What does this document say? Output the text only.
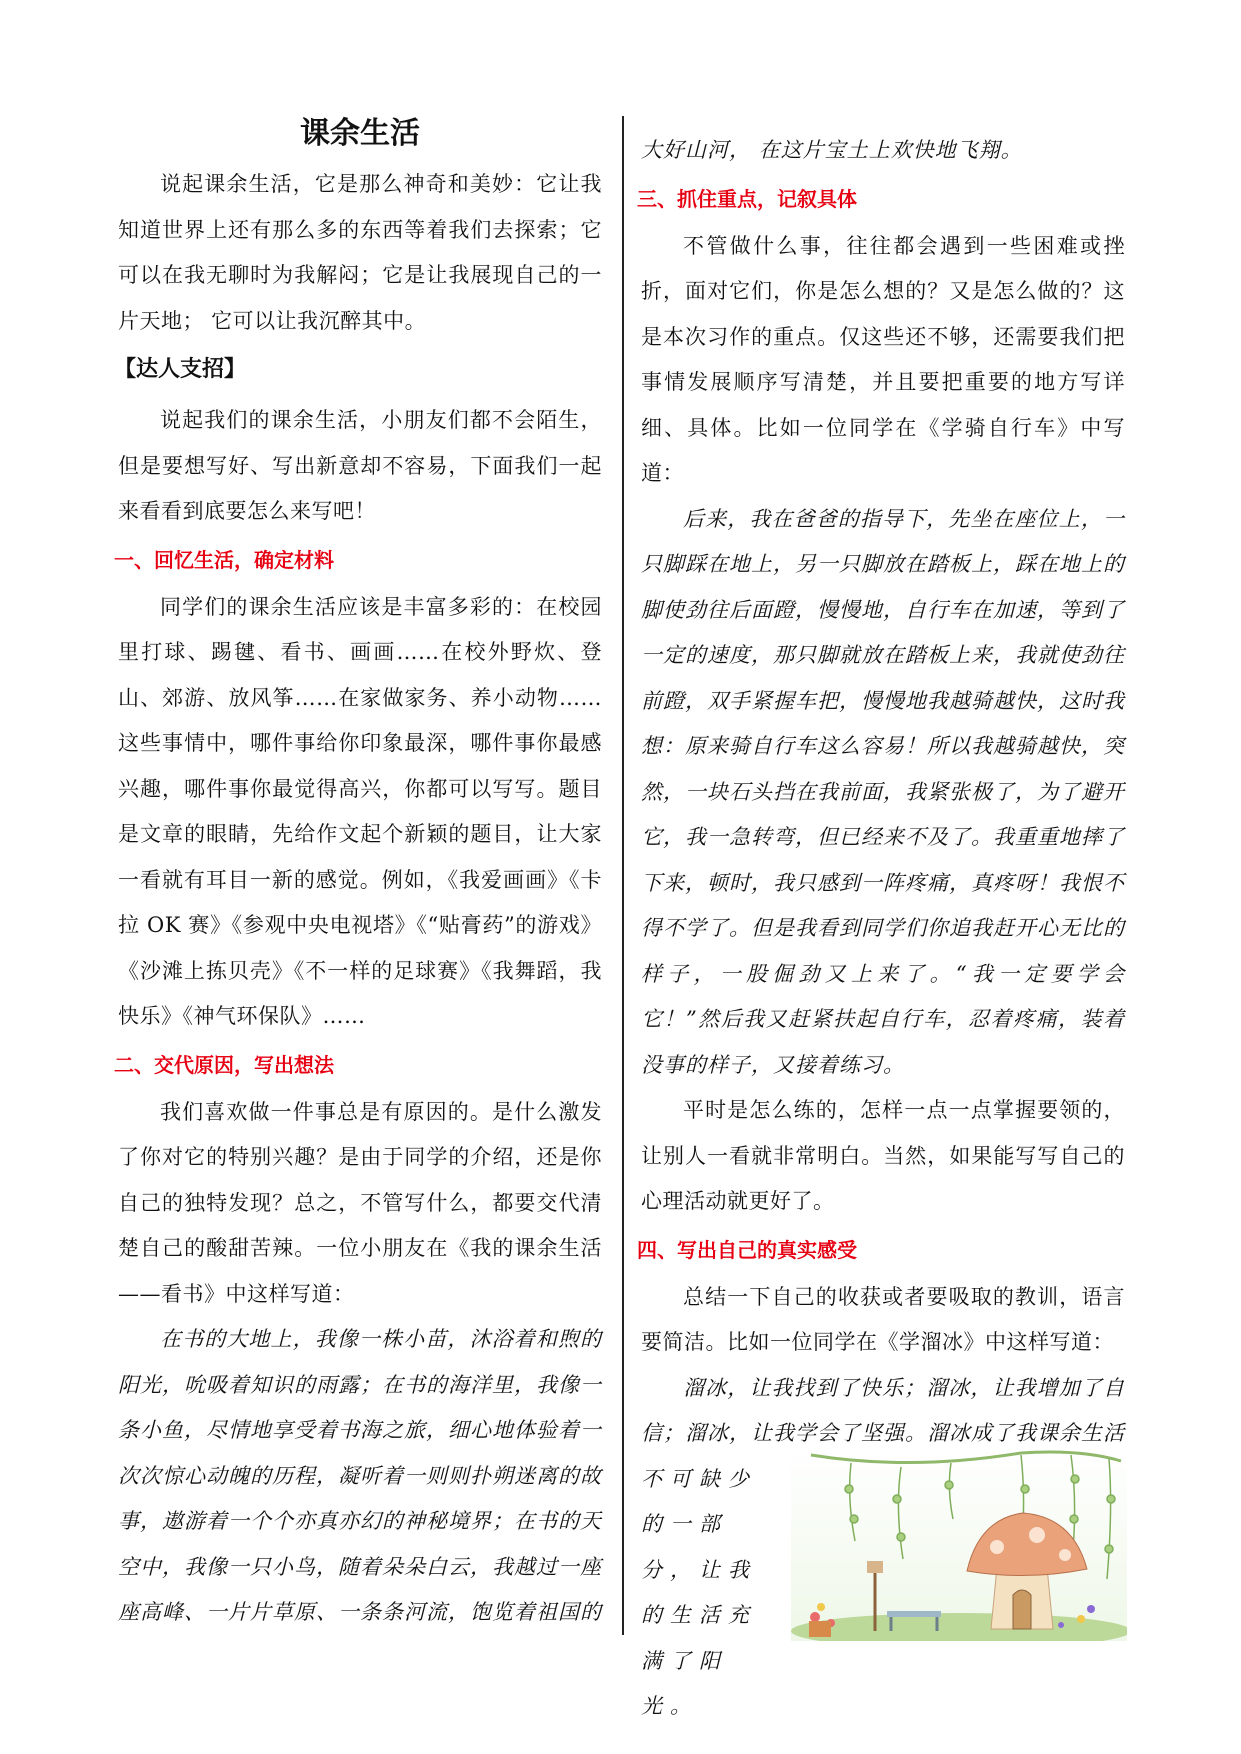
课余生活

说起课余生活，它是那么神奇和美妙：它让我知道世界上还有那么多的东西等着我们去探索；它可以在我无聊时为我解闷；它是让我展现自己的一片天地； 它可以让我沉醉其中。

【达人支招】

说起我们的课余生活，小朋友们都不会陌生，但是要想写好、写出新意却不容易，下面我们一起来看看到底要怎么来写吧！

一、回忆生活，确定材料

同学们的课余生活应该是丰富多彩的：在校园里打球、踢毽、看书、画画……在校外野炊、登山、郊游、放风筝……在家做家务、养小动物……这些事情中，哪件事给你印象最深，哪件事你最感兴趣，哪件事你最觉得高兴，你都可以写写。题目是文章的眼睛，先给作文起个新颖的题目，让大家一看就有耳目一新的感觉。例如，《我爱画画》《卡拉 OK 赛》《参观中央电视塔》《“贴膏药”的游戏》《沙滩上拣贝壳》《不一样的足球赛》《我舞蹈，我快乐》《神气环保队》……

二、交代原因，写出想法

我们喜欢做一件事总是有原因的。是什么激发了你对它的特别兴趣？是由于同学的介绍，还是你自己的独特发现？总之，不管写什么，都要交代清楚自己的酸甜苦辣。一位小朋友在《我的课余生活——看书》中这样写道：

在书的大地上，我像一株小苗，沐浴着和煦的阳光，吮吸着知识的雨露；在书的海洋里，我像一条小鱼，尽情地享受着书海之旅，细心地体验着一次次惊心动魄的历程，凝听着一则则扑朔迷离的故事，遨游着一个个亦真亦幻的神秘境界；在书的天空中，我像一只小鸟，随着朵朵白云，我越过一座座高峰、一片片草原、一条条河流，饱览着祖国的

大好山河， 在这片宝土上欢快地飞翔。

三、抓住重点，记叙具体

不管做什么事，往往都会遇到一些困难或挫折，面对它们，你是怎么想的？又是怎么做的？这是本次习作的重点。仅这些还不够，还需要我们把事情发展顺序写清楚，并且要把重要的地方写详细、具体。比如一位同学在《学骑自行车》中写道：

后来，我在爸爸的指导下，先坐在座位上，一只脚踩在地上，另一只脚放在踏板上，踩在地上的脚使劲往后面蹬，慢慢地，自行车在加速，等到了一定的速度，那只脚就放在踏板上来，我就使劲往前蹬，双手紧握车把，慢慢地我越骑越快，这时我想：原来骑自行车这么容易！所以我越骑越快，突然，一块石头挡在我前面，我紧张极了，为了避开它，我一急转弯，但已经来不及了。我重重地摔了下来，顿时，我只感到一阵疼痛，真疼呀！我恨不得不学了。但是我看到同学们你追我赶开心无比的样子，一股倔劲又上来了。“我一定要学会它！”然后我又赶紧扶起自行车，忍着疼痛，装着没事的样子，又接着练习。

平时是怎么练的，怎样一点一点掌握要领的，让别人一看就非常明白。当然，如果能写写自己的心理活动就更好了。

四、写出自己的真实感受

总结一下自己的收获或者要吸取的教训，语言要简洁。比如一位同学在《学溜冰》中这样写道：

溜冰，让我找到了快乐；溜冰，让我增加了自信；溜冰，让我学会了坚强。溜冰成了我课余生活

不可缺少的一部分，让我的生活充满了阳光。
